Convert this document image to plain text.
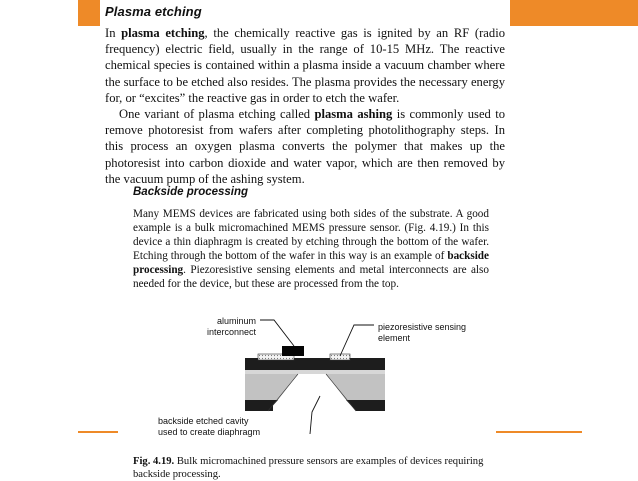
Plasma etching
In plasma etching, the chemically reactive gas is ignited by an RF (radio frequency) electric field, usually in the range of 10-15 MHz. The reactive chemical species is contained within a plasma inside a vacuum chamber where the surface to be etched also resides. The plasma provides the necessary energy for, or “excites” the reactive gas in order to etch the wafer.
One variant of plasma etching called plasma ashing is commonly used to remove photoresist from wafers after completing photolithography steps. In this process an oxygen plasma converts the polymer that makes up the photoresist into carbon dioxide and water vapor, which are then removed by the vacuum pump of the ashing system.
Backside processing
Many MEMS devices are fabricated using both sides of the substrate. A good example is a bulk micromachined MEMS pressure sensor. (Fig. 4.19.) In this device a thin diaphragm is created by etching through the bottom of the wafer. Etching through the bottom of the wafer in this way is an example of backside processing. Piezoresistive sensing elements and metal interconnects are also needed for the device, but these are processed from the top.
aluminum
interconnect	piezoresistive sensing
element
backside etched cavity
used to create diaphragm
Fig. 4.19. Bulk micromachined pressure sensors are examples of devices requiring backside processing.
